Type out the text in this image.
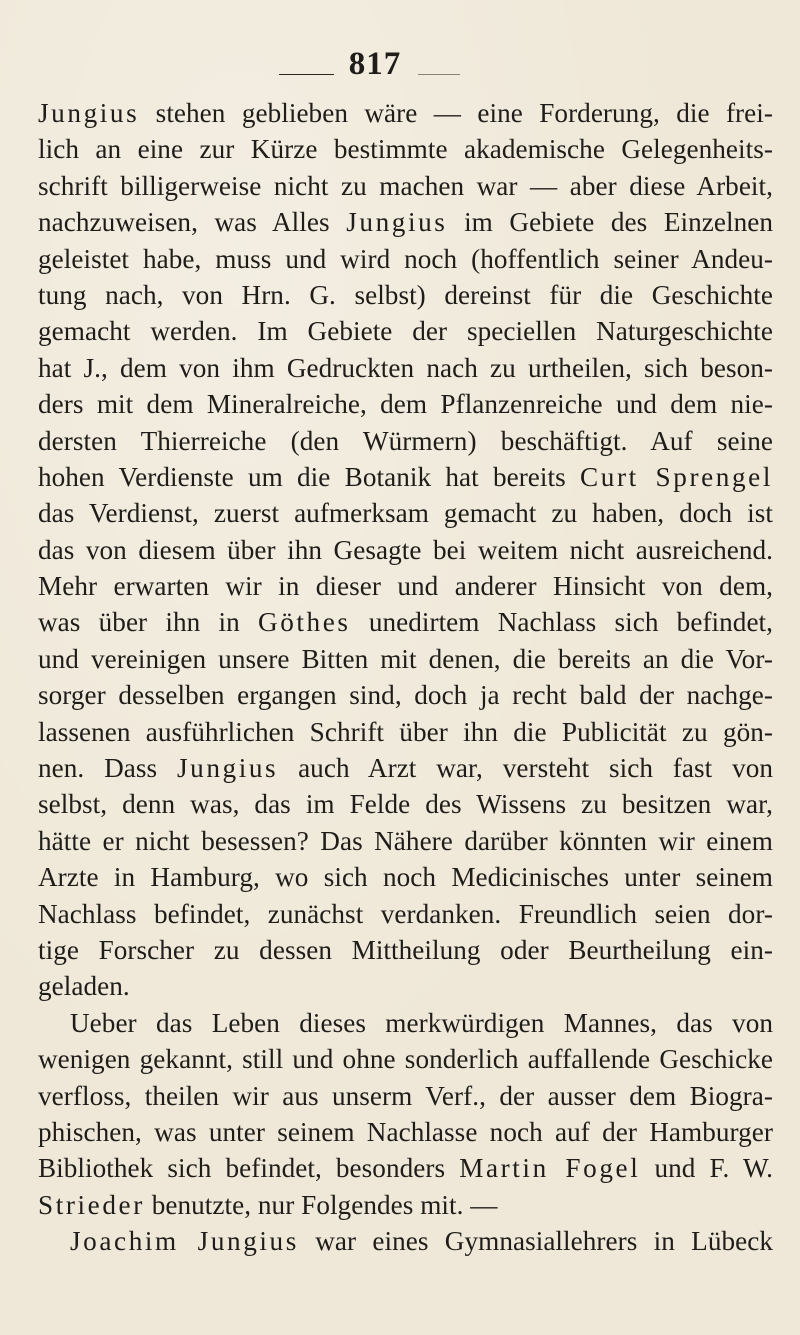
817
Jungius stehen geblieben wäre — eine Forderung, die frei-
lich an eine zur Kürze bestimmte akademische Gelegenheits-
schrift billigerweise nicht zu machen war — aber diese Arbeit,
nachzuweisen, was Alles Jungius im Gebiete des Einzelnen
geleistet habe, muss und wird noch (hoffentlich seiner Andeu-
tung nach, von Hrn. G. selbst) dereinst für die Geschichte
gemacht werden. Im Gebiete der speciellen Naturgeschichte
hat J., dem von ihm Gedruckten nach zu urtheilen, sich beson-
ders mit dem Mineralreiche, dem Pflanzenreiche und dem nie-
dersten Thierreiche (den Würmern) beschäftigt. Auf seine
hohen Verdienste um die Botanik hat bereits Curt Sprengel
das Verdienst, zuerst aufmerksam gemacht zu haben, doch ist
das von diesem über ihn Gesagte bei weitem nicht ausreichend.
Mehr erwarten wir in dieser und anderer Hinsicht von dem,
was über ihn in Göthes unedirtem Nachlass sich befindet,
und vereinigen unsere Bitten mit denen, die bereits an die Vor-
sorger desselben ergangen sind, doch ja recht bald der nachge-
lassenen ausführlichen Schrift über ihn die Publicität zu gön-
nen. Dass Jungius auch Arzt war, versteht sich fast von
selbst, denn was, das im Felde des Wissens zu besitzen war,
hätte er nicht besessen? Das Nähere darüber könnten wir einem
Arzte in Hamburg, wo sich noch Medicinisches unter seinem
Nachlass befindet, zunächst verdanken. Freundlich seien dor-
tige Forscher zu dessen Mittheilung oder Beurtheilung ein-
geladen.
Ueber das Leben dieses merkwürdigen Mannes, das von
wenigen gekannt, still und ohne sonderlich auffallende Geschicke
verfloss, theilen wir aus unserm Verf., der ausser dem Biogra-
phischen, was unter seinem Nachlasse noch auf der Hamburger
Bibliothek sich befindet, besonders Martin Fogel und F. W.
Strieder benutzte, nur Folgendes mit. —
Joachim Jungius war eines Gymnasiallehrers in Lübeck
